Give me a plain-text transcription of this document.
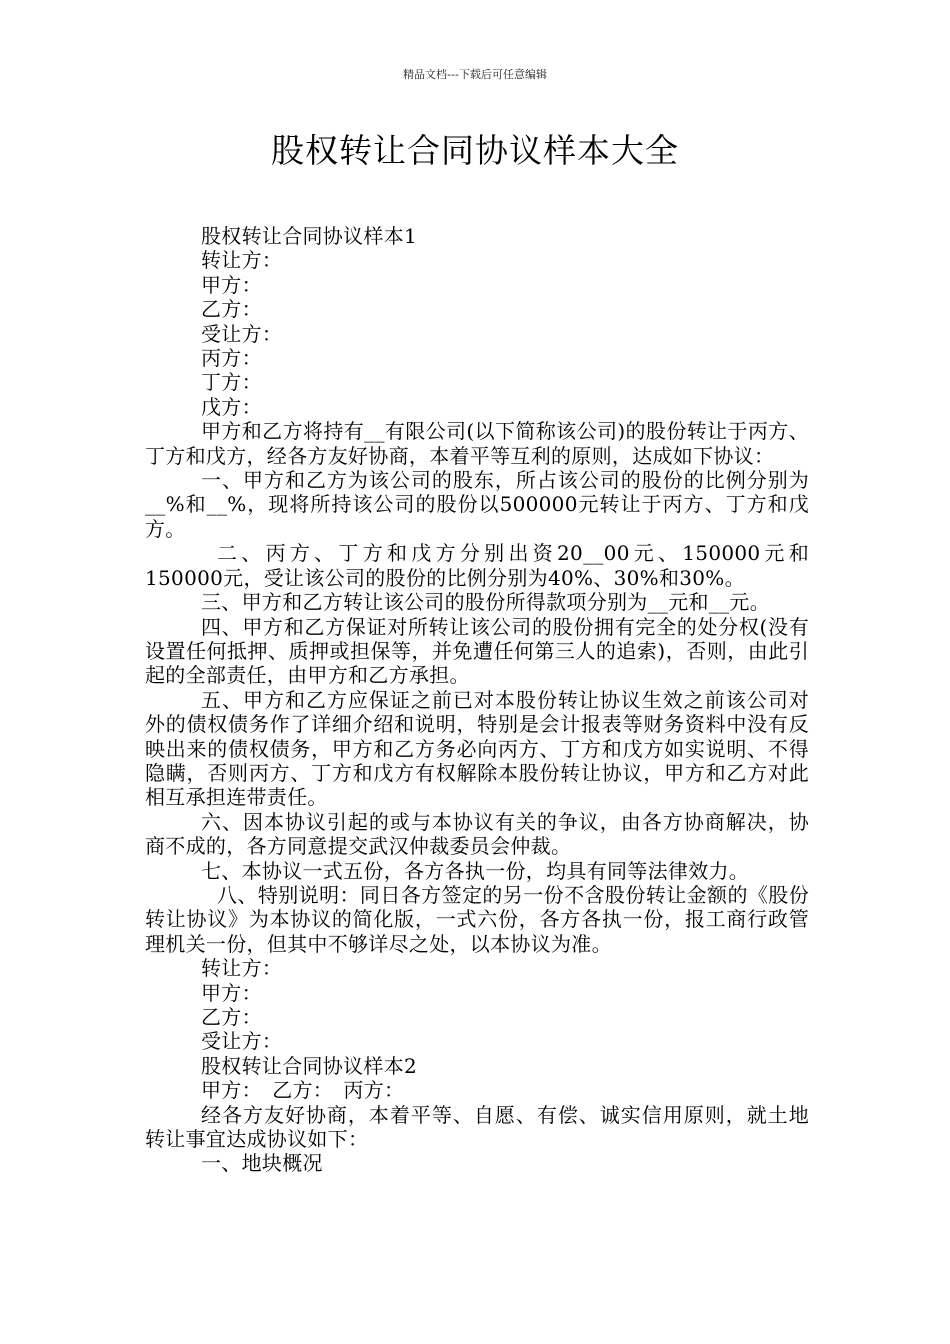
精品文档---下载后可任意编辑
股权转让合同协议样本大全

股权转让合同协议样本1

转让方：

甲方：

乙方：

受让方：

丙方：

丁方：

戊方：

甲方和乙方将持有__有限公司(以下简称该公司)的股份转让于丙方、丁方和戊方，经各方友好协商，本着平等互利的原则，达成如下协议：

一、甲方和乙方为该公司的股东，所占该公司的股份的比例分别为__%和__%，现将所持该公司的股份以500000元转让于丙方、丁方和戊方。

二、丙方、丁方和戊方分别出资20__00元、150000元和150000元，受让该公司的股份的比例分别为40%、30%和30%。

三、甲方和乙方转让该公司的股份所得款项分别为__元和__元。

四、甲方和乙方保证对所转让该公司的股份拥有完全的处分权(没有设置任何抵押、质押或担保等，并免遭任何第三人的追索)，否则，由此引起的全部责任，由甲方和乙方承担。

五、甲方和乙方应保证之前已对本股份转让协议生效之前该公司对外的债权债务作了详细介绍和说明，特别是会计报表等财务资料中没有反映出来的债权债务，甲方和乙方务必向丙方、丁方和戊方如实说明、不得隐瞒，否则丙方、丁方和戊方有权解除本股份转让协议，甲方和乙方对此相互承担连带责任。

六、因本协议引起的或与本协议有关的争议，由各方协商解决，协商不成的，各方同意提交武汉仲裁委员会仲裁。

七、本协议一式五份，各方各执一份，均具有同等法律效力。

八、特别说明：同日各方签定的另一份不含股份转让金额的《股份转让协议》为本协议的简化版，一式六份，各方各执一份，报工商行政管理机关一份，但其中不够详尽之处，以本协议为准。

转让方：

甲方：

乙方：

受让方：

股权转让合同协议样本2

甲方：　乙方：　丙方：

经各方友好协商，本着平等、自愿、有偿、诚实信用原则，就土地转让事宜达成协议如下：

一、地块概况
